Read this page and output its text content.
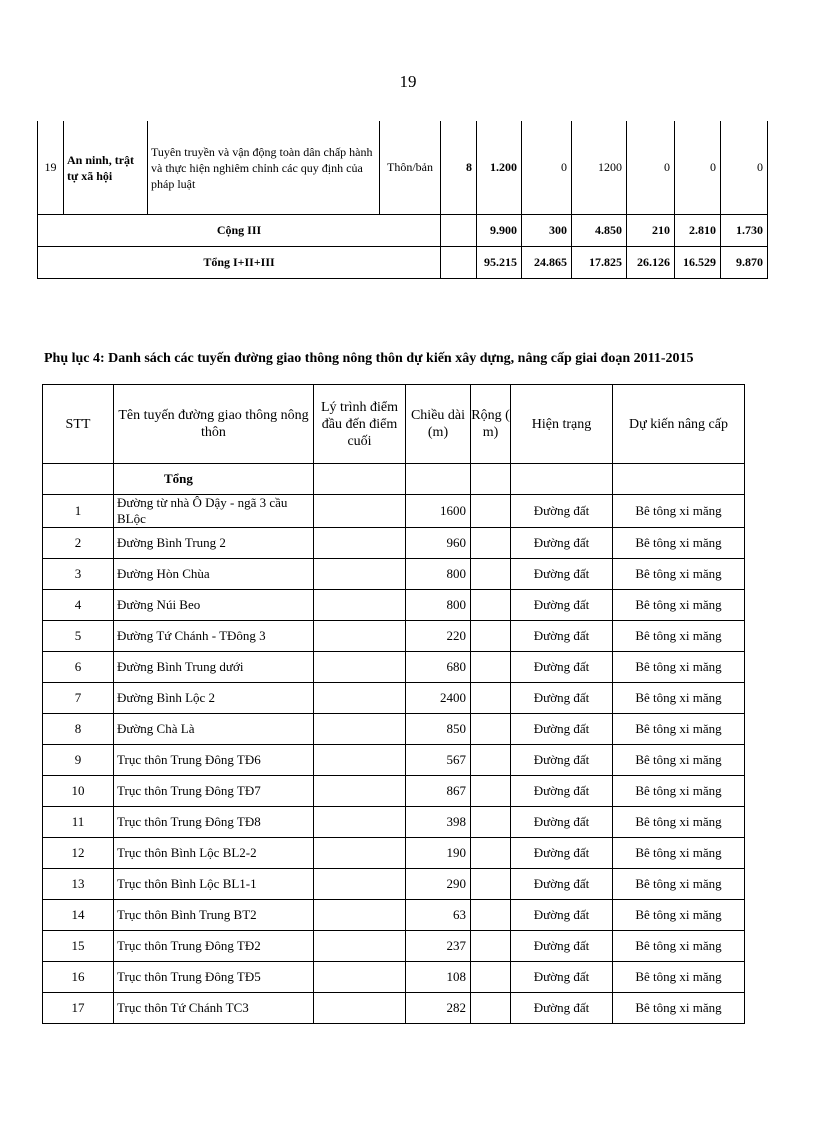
19
19	An ninh, trật tự xã hội	Tuyên truyền và vận động toàn dân chấp hành và thực hiện nghiêm chỉnh các quy định của pháp luật	Thôn/bản	8	1.200	0	1200	0	0	0
Cộng III					9.900	300	4.850	210	2.810	1.730
Tổng I+II+III					95.215	24.865	17.825	26.126	16.529	9.870
Phụ lục 4: Danh sách các tuyến đường giao thông nông thôn dự kiến xây dựng, nâng cấp giai đoạn 2011-2015
STT	Tên tuyến đường giao thông nông thôn	Lý trình điểm đầu đến điểm cuối	Chiều dài (m)	Rộng ( m)	Hiện trạng	Dự kiến nâng cấp
	Tổng					
1	Đường từ nhà Ô Dậy - ngã 3 cầu BLộc		1600		Đường đất	Bê tông xi măng
2	Đường Bình Trung 2		960		Đường đất	Bê tông xi măng
3	Đường Hòn Chùa		800		Đường đất	Bê tông xi măng
4	Đường Núi Beo		800		Đường đất	Bê tông xi măng
5	Đường Tứ Chánh - TĐông 3		220		Đường đất	Bê tông xi măng
6	Đường Bình Trung dưới		680		Đường đất	Bê tông xi măng
7	Đường Bình Lộc 2		2400		Đường đất	Bê tông xi măng
8	Đường Chà Là		850		Đường đất	Bê tông xi măng
9	Trục thôn Trung Đông TĐ6		567		Đường đất	Bê tông xi măng
10	Trục thôn Trung Đông TĐ7		867		Đường đất	Bê tông xi măng
11	Trục thôn Trung Đông TĐ8		398		Đường đất	Bê tông xi măng
12	Trục thôn Bình Lộc BL2-2		190		Đường đất	Bê tông xi măng
13	Trục thôn Bình Lộc BL1-1		290		Đường đất	Bê tông xi măng
14	Trục thôn Bình Trung BT2		63		Đường đất	Bê tông xi măng
15	Trục thôn Trung Đông TĐ2		237		Đường đất	Bê tông xi măng
16	Trục thôn Trung Đông TĐ5		108		Đường đất	Bê tông xi măng
17	Trục thôn Tứ Chánh TC3		282		Đường đất	Bê tông xi măng
